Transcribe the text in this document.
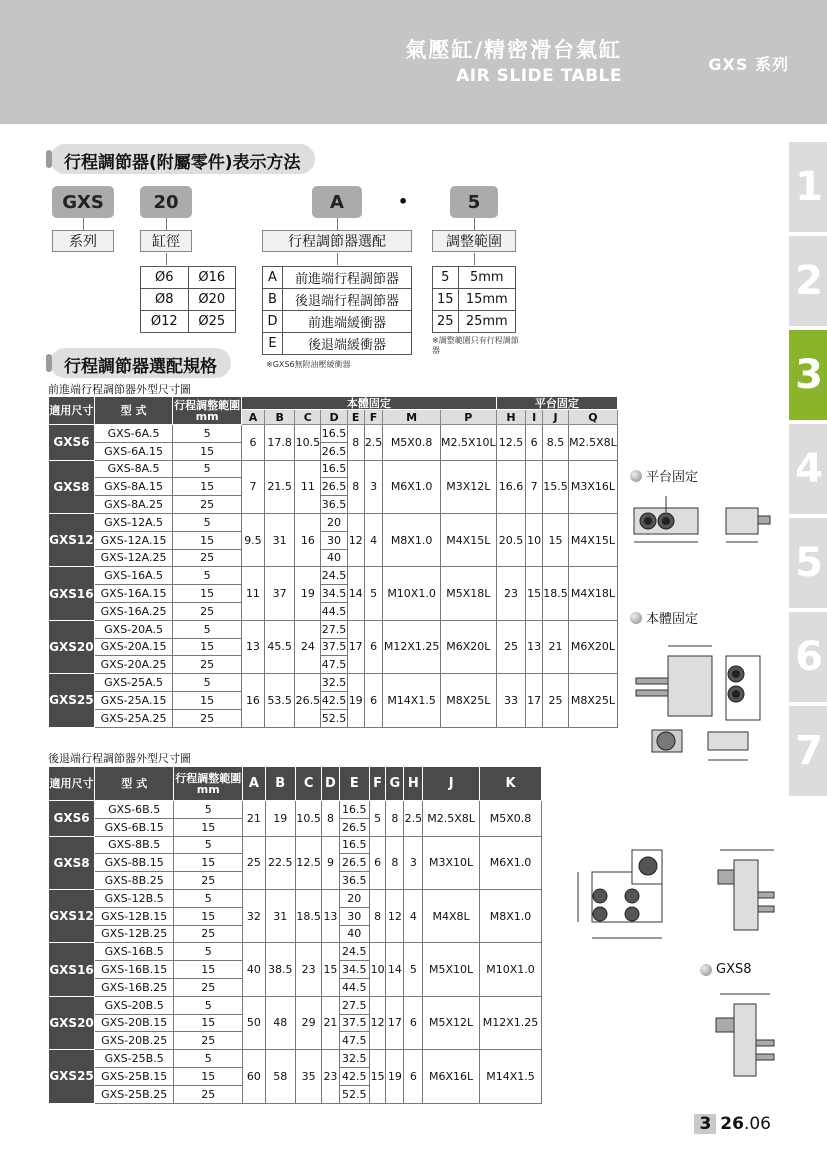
氣壓缸/精密滑台氣缸
AIR SLIDE TABLE
GXS 系列
1
2
3
4
5
6
7
行程調節器(附屬零件)表示方法
GXS	20	A	•	5
系列	缸徑	行程調節器選配	調整範圍
Ø6	Ø16
Ø8	Ø20
Ø12	Ø25
A	前進端行程調節器
B	後退端行程調節器
D	前進端緩衝器
E	後退端緩衝器
※GXS6無附油壓緩衝器
5	5mm
15	15mm
25	25mm
※調整範圍只有行程調節器
行程調節器選配規格
前進端行程調節器外型尺寸圖
適用尺寸	型 式	行程調整範圍mm	本體固定								平台固定			
			A	B	C	D	E	F	M	P	H	I	J	Q
GXS6	GXS-6A.5	5	6	17.8	10.5	16.5	8	2.5	M5X0.8	M2.5X10L	12.5	6	8.5	M2.5X8L
	GXS-6A.15	15				26.5								
GXS8	GXS-8A.5	5	7	21.5	11	16.5	8	3	M6X1.0	M3X12L	16.6	7	15.5	M3X16L
	GXS-8A.15	15				26.5								
	GXS-8A.25	25				36.5								
GXS12	GXS-12A.5	5	9.5	31	16	20	12	4	M8X1.0	M4X15L	20.5	10	15	M4X15L
	GXS-12A.15	15				30								
	GXS-12A.25	25				40								
GXS16	GXS-16A.5	5	11	37	19	24.5	14	5	M10X1.0	M5X18L	23	15	18.5	M4X18L
	GXS-16A.15	15				34.5								
	GXS-16A.25	25				44.5								
GXS20	GXS-20A.5	5	13	45.5	24	27.5	17	6	M12X1.25	M6X20L	25	13	21	M6X20L
	GXS-20A.15	15				37.5								
	GXS-20A.25	25				47.5								
GXS25	GXS-25A.5	5	16	53.5	26.5	32.5	19	6	M14X1.5	M8X25L	33	17	25	M8X25L
	GXS-25A.15	15				42.5								
	GXS-25A.25	25				52.5								
後退端行程調節器外型尺寸圖
適用尺寸	型 式	行程調整範圍mm	A	B	C	D	E	F	G	H	J	K
GXS6	GXS-6B.5	5	21	19	10.5	8	16.5	5	8	2.5	M2.5X8L	M5X0.8
	GXS-6B.15	15					26.5					
GXS8	GXS-8B.5	5	25	22.5	12.5	9	16.5	6	8	3	M3X10L	M6X1.0
	GXS-8B.15	15					26.5					
	GXS-8B.25	25					36.5					
GXS12	GXS-12B.5	5	32	31	18.5	13	20	8	12	4	M4X8L	M8X1.0
	GXS-12B.15	15					30					
	GXS-12B.25	25					40					
GXS16	GXS-16B.5	5	40	38.5	23	15	24.5	10	14	5	M5X10L	M10X1.0
	GXS-16B.15	15					34.5					
	GXS-16B.25	25					44.5					
GXS20	GXS-20B.5	5	50	48	29	21	27.5	12	17	6	M5X12L	M12X1.25
	GXS-20B.15	15					37.5					
	GXS-20B.25	25					47.5					
GXS25	GXS-25B.5	5	60	58	35	23	32.5	15	19	6	M6X16L	M14X1.5
	GXS-25B.15	15					42.5					
	GXS-25B.25	25					52.5					
平台固定
本體固定
GXS8
3 26 .06
